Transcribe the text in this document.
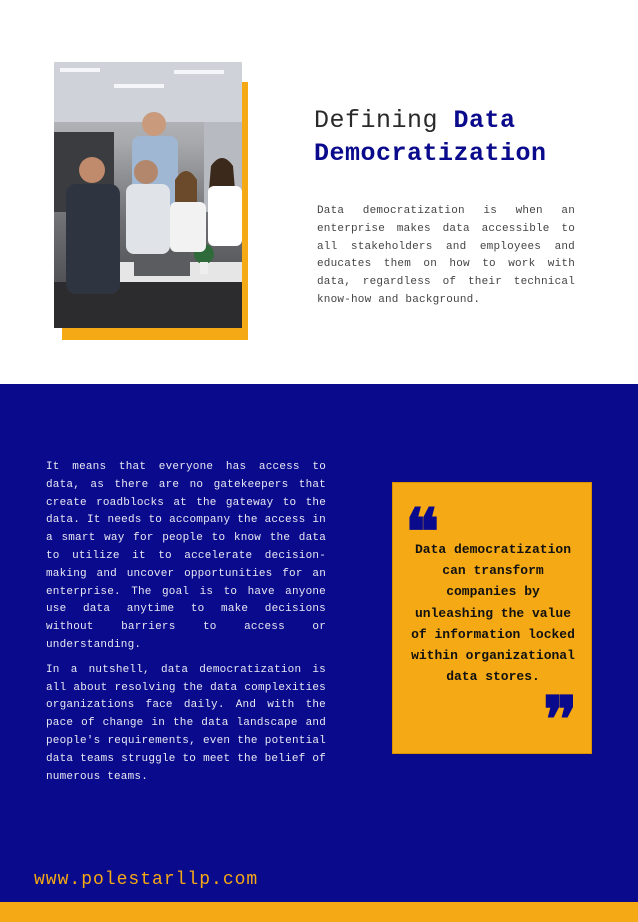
Defining Data
Democratization

Data democratization is when an enterprise makes data accessible to all stakeholders and employees and educates them on how to work with data, regardless of their technical know-how and background.

It means that everyone has access to data, as there are no gatekeepers that create roadblocks at the gateway to the data. It needs to accompany the access in a smart way for people to know the data to utilize it to accelerate decision-making and uncover opportunities for an enterprise. The goal is to have anyone use data anytime to make decisions without barriers to access or understanding.

In a nutshell, data democratization is all about resolving the data complexities organizations face daily. And with the pace of change in the data landscape and people's requirements, even the potential data teams struggle to meet the belief of numerous teams.

❝

Data democratization can transform companies by unleashing the value of information locked within organizational data stores.

❞
www.polestarllp.com
